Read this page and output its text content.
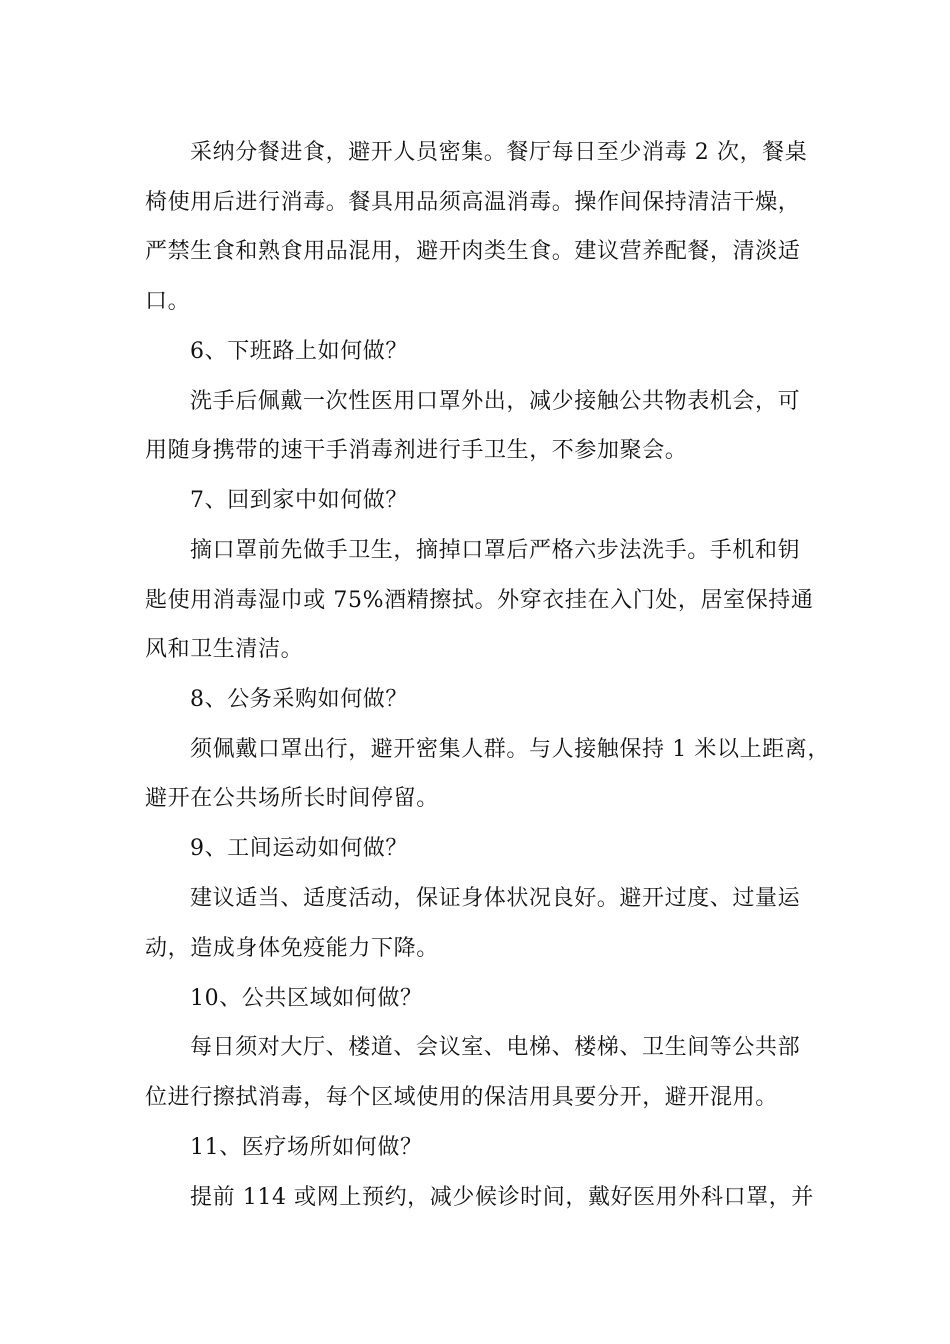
采纳分餐进食，避开人员密集。餐厅每日至少消毒 2 次，餐桌
椅使用后进行消毒。餐具用品须高温消毒。操作间保持清洁干燥，
严禁生食和熟食用品混用，避开肉类生食。建议营养配餐，清淡适
口。
6、下班路上如何做？
洗手后佩戴一次性医用口罩外出，减少接触公共物表机会，可
用随身携带的速干手消毒剂进行手卫生，不参加聚会。
7、回到家中如何做？
摘口罩前先做手卫生，摘掉口罩后严格六步法洗手。手机和钥
匙使用消毒湿巾或 75%酒精擦拭。外穿衣挂在入门处，居室保持通
风和卫生清洁。
8、公务采购如何做？
须佩戴口罩出行，避开密集人群。与人接触保持 1 米以上距离，
避开在公共场所长时间停留。
9、工间运动如何做？
建议适当、适度活动，保证身体状况良好。避开过度、过量运
动，造成身体免疫能力下降。
10、公共区域如何做？
每日须对大厅、楼道、会议室、电梯、楼梯、卫生间等公共部
位进行擦拭消毒，每个区域使用的保洁用具要分开，避开混用。
11、医疗场所如何做？
提前 114 或网上预约，减少候诊时间，戴好医用外科口罩，并
